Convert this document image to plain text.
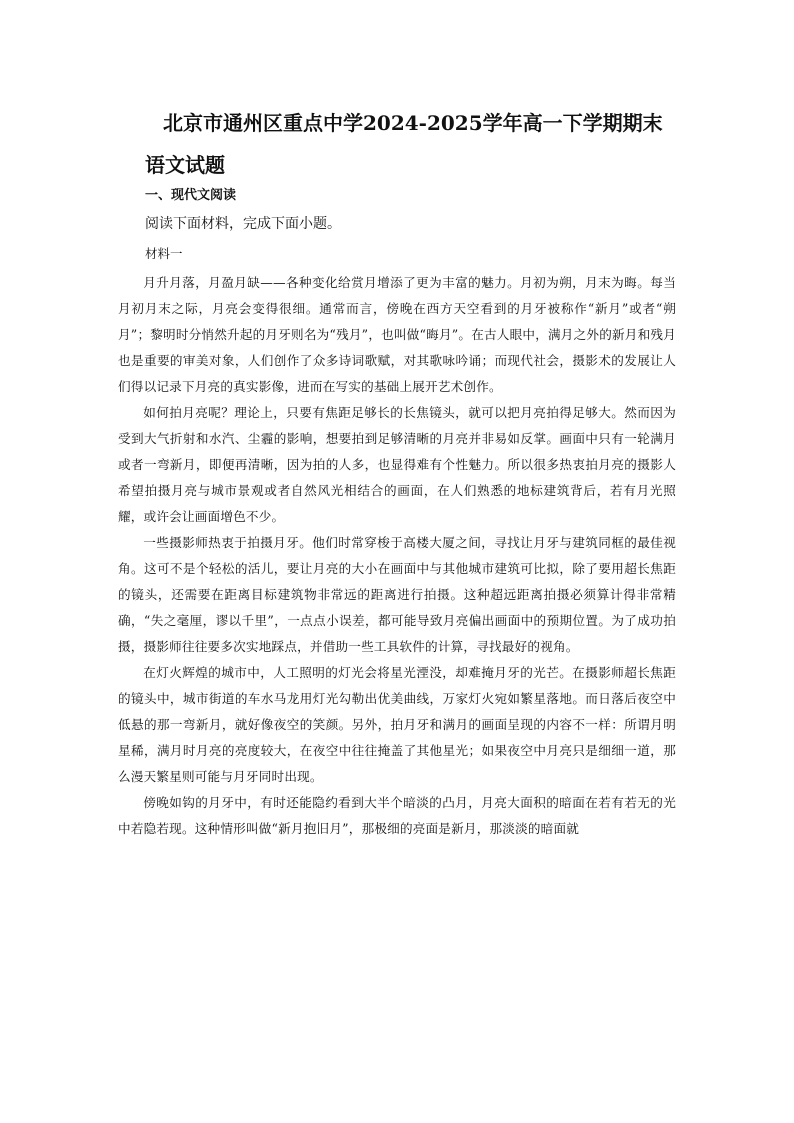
北京市通州区重点中学2024-2025学年高一下学期期末语文试题
一、现代文阅读
阅读下面材料，完成下面小题。
材料一

月升月落，月盈月缺——各种变化给赏月增添了更为丰富的魅力。月初为朔，月末为晦。每当月初月末之际，月亮会变得很细。通常而言，傍晚在西方天空看到的月牙被称作“新月”或者“朔月”；黎明时分悄然升起的月牙则名为“残月”，也叫做“晦月”。在古人眼中，满月之外的新月和残月也是重要的审美对象，人们创作了众多诗词歌赋，对其歌咏吟诵；而现代社会，摄影术的发展让人们得以记录下月亮的真实影像，进而在写实的基础上展开艺术创作。

如何拍月亮呢？理论上，只要有焦距足够长的长焦镜头，就可以把月亮拍得足够大。然而因为受到大气折射和水汽、尘霾的影响，想要拍到足够清晰的月亮并非易如反掌。画面中只有一轮满月或者一弯新月，即便再清晰，因为拍的人多，也显得难有个性魅力。所以很多热衷拍月亮的摄影人希望拍摄月亮与城市景观或者自然风光相结合的画面，在人们熟悉的地标建筑背后，若有月光照耀，或许会让画面增色不少。

一些摄影师热衷于拍摄月牙。他们时常穿梭于高楼大厦之间，寻找让月牙与建筑同框的最佳视角。这可不是个轻松的活儿，要让月亮的大小在画面中与其他城市建筑可比拟，除了要用超长焦距的镜头，还需要在距离目标建筑物非常远的距离进行拍摄。这种超远距离拍摄必须算计得非常精确，“失之毫厘，谬以千里”，一点点小误差，都可能导致月亮偏出画面中的预期位置。为了成功拍摄，摄影师往往要多次实地踩点，并借助一些工具软件的计算，寻找最好的视角。

在灯火辉煌的城市中，人工照明的灯光会将星光湮没，却难掩月牙的光芒。在摄影师超长焦距的镜头中，城市街道的车水马龙用灯光勾勒出优美曲线，万家灯火宛如繁星落地。而日落后夜空中低悬的那一弯新月，就好像夜空的笑颜。另外，拍月牙和满月的画面呈现的内容不一样：所谓月明星稀，满月时月亮的亮度较大，在夜空中往往掩盖了其他星光；如果夜空中月亮只是细细一道，那么漫天繁星则可能与月牙同时出现。

傍晚如钩的月牙中，有时还能隐约看到大半个暗淡的凸月，月亮大面积的暗面在若有若无的光中若隐若现。这种情形叫做“新月抱旧月”，那极细的亮面是新月，那淡淡的暗面就
